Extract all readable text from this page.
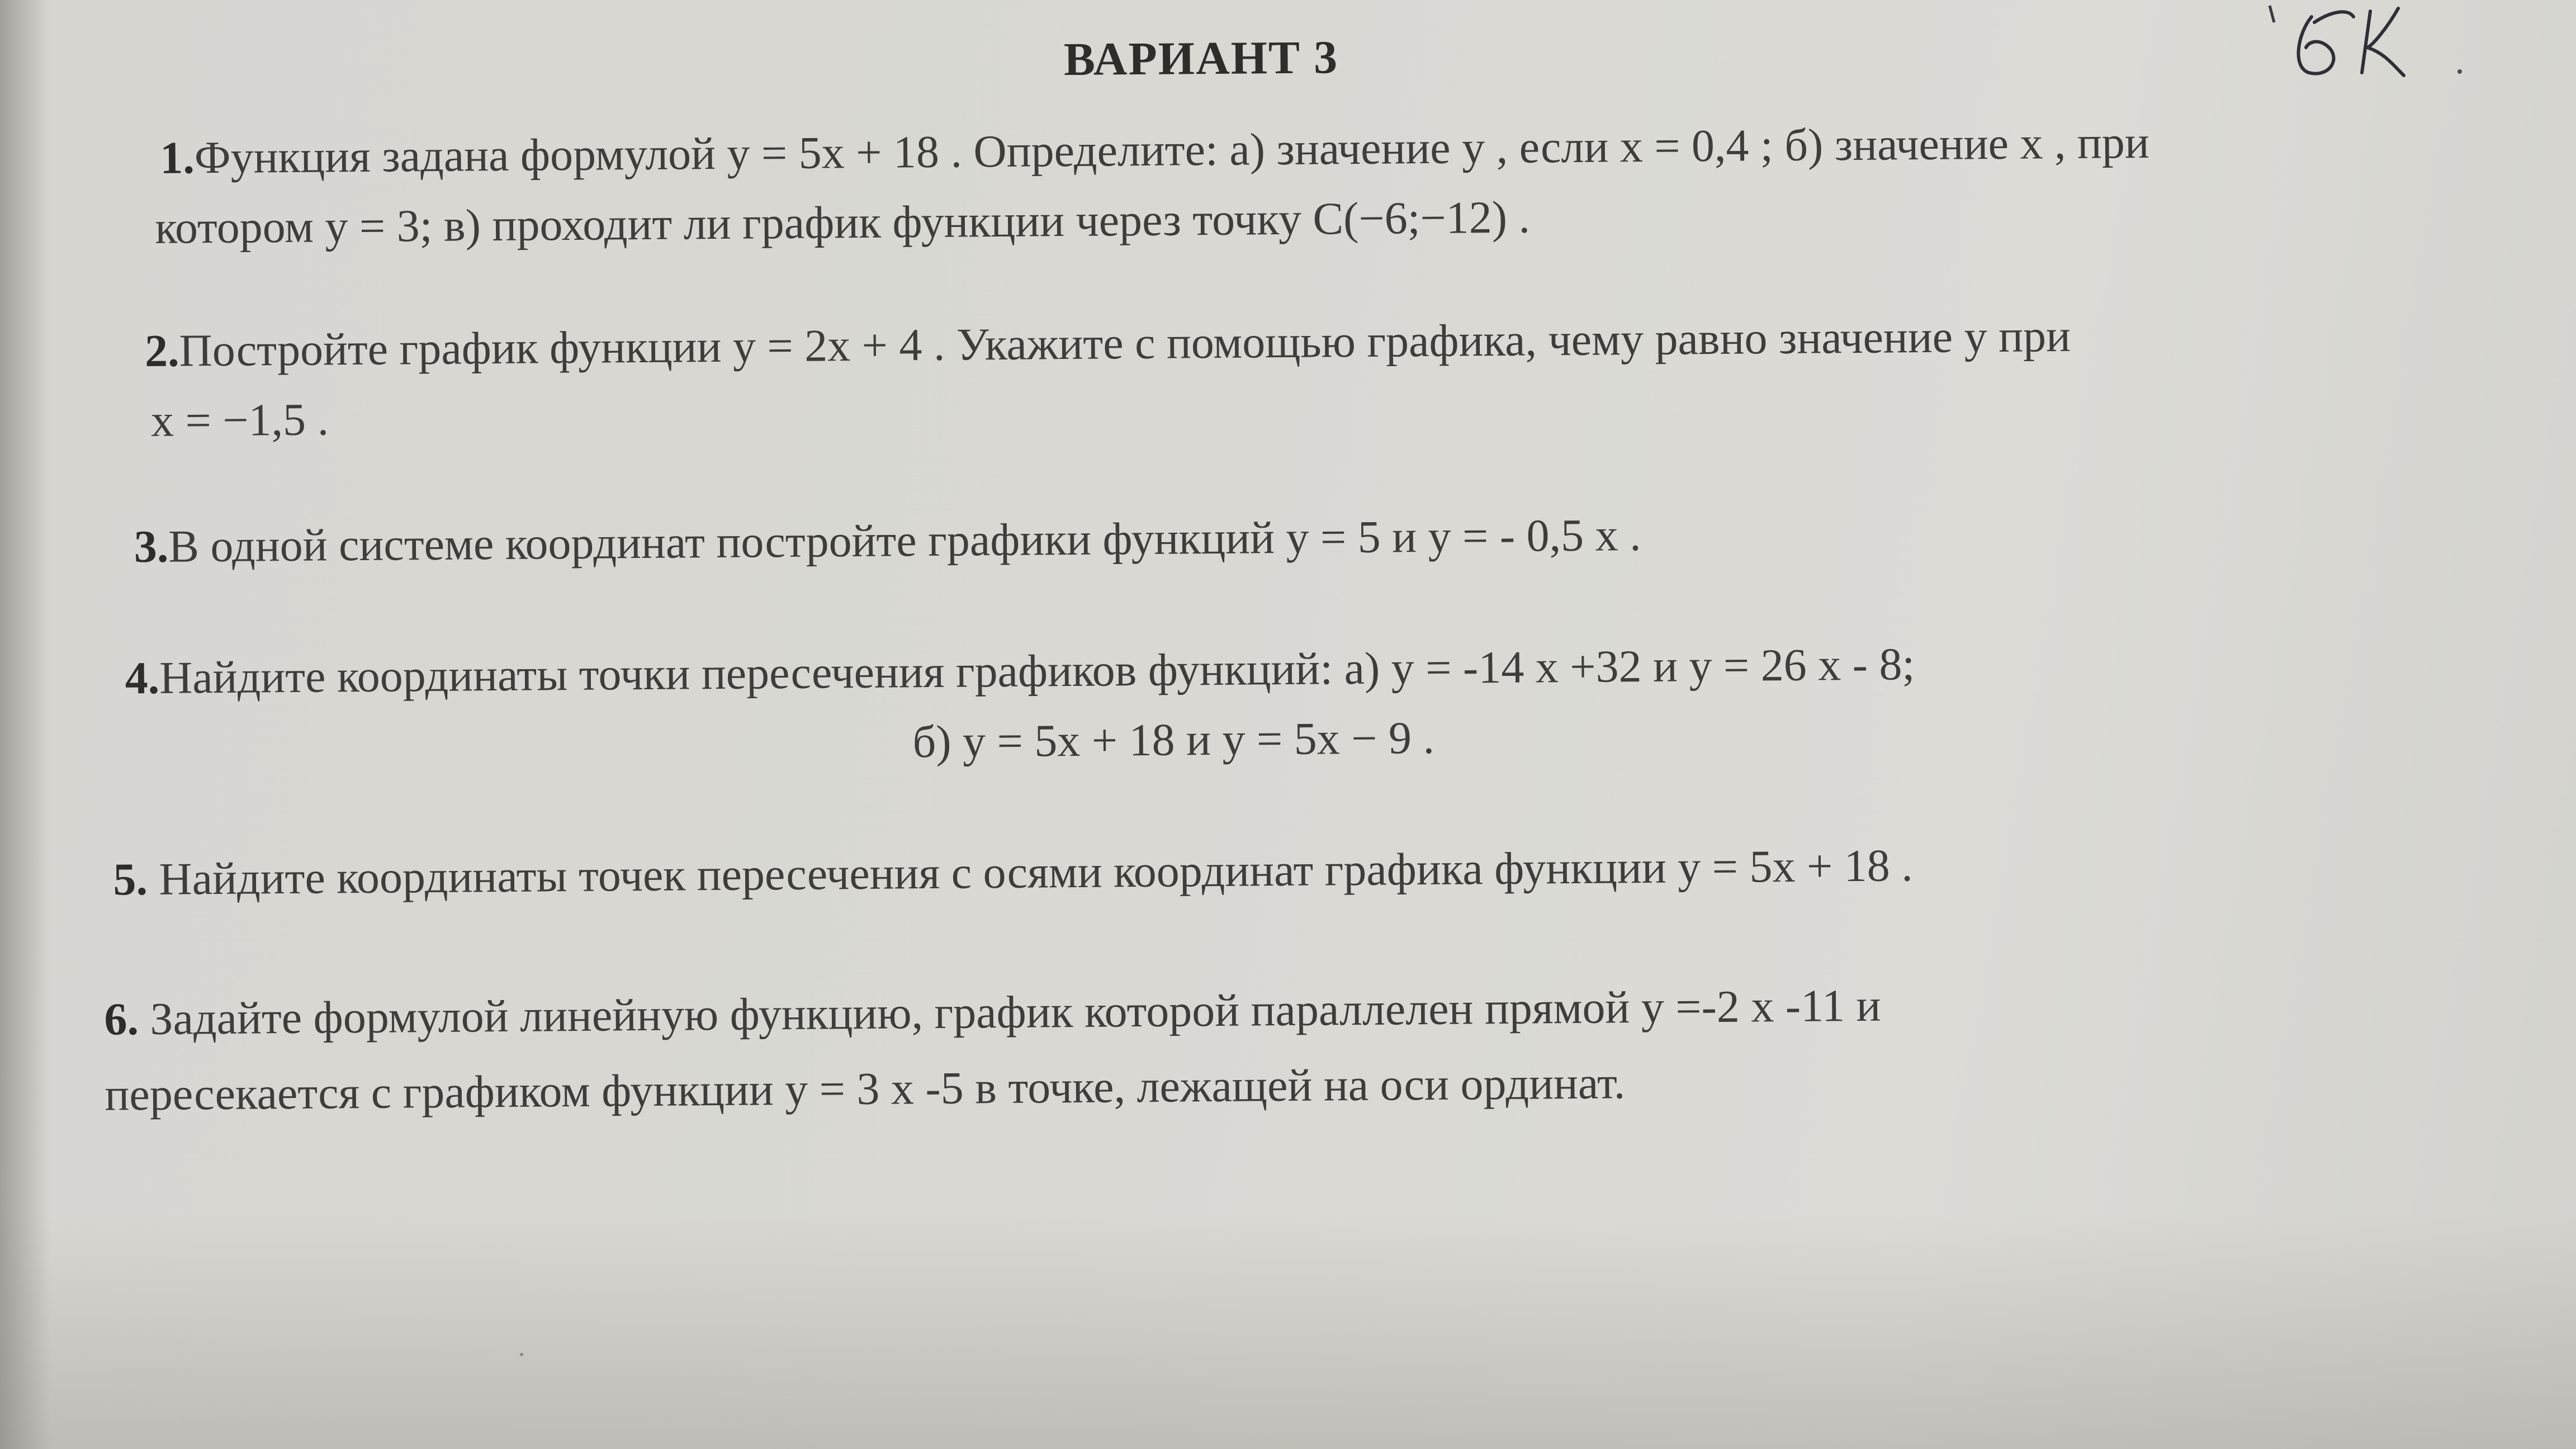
ВАРИАНТ 3
1.Функция задана формулой y = 5x + 18 . Определите: а) значение y , если x = 0,4 ; б) значение x , при
котором y = 3; в) проходит ли график функции через точку C(−6;−12) .
2.Постройте график функции y = 2x + 4 . Укажите с помощью графика, чему равно значение y при
x = −1,5 .
3.В одной системе координат постройте графики функций y = 5 и y = - 0,5 x .
4.Найдите координаты точки пересечения графиков функций: а) y = -14 x +32 и y = 26 x - 8;
б) y = 5x + 18 и y = 5x − 9 .
5. Найдите координаты точек пересечения с осями координат графика функции y = 5x + 18 .
6. Задайте формулой линейную функцию, график которой параллелен прямой y =-2 x -11 и
пересекается с графиком функции y = 3 x -5 в точке, лежащей на оси ординат.
